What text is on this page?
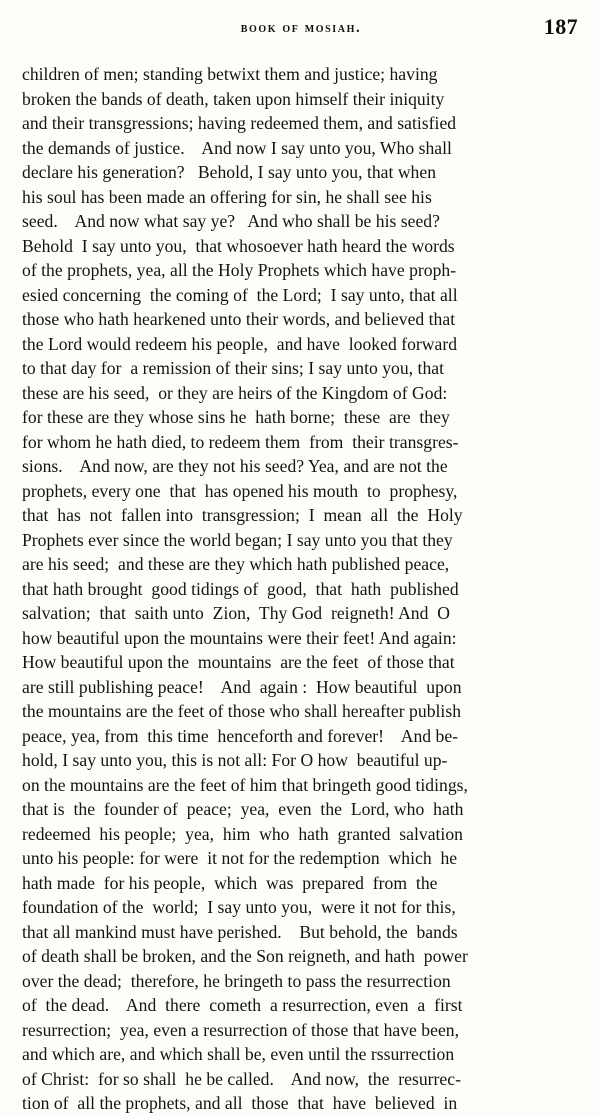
book of mosiah.	187
children of men; standing betwixt them and justice; havingbroken the bands of death, taken upon himself their iniquityand their transgressions; having redeemed them, and satisfiedthe demands of justice.    And now I say unto you, Who shalldeclare his generation?   Behold, I say unto you, that whenhis soul has been made an offering for sin, he shall see hisseed.    And now what say ye?   And who shall be his seed?Behold  I say unto you,  that whosoever hath heard the wordsof the prophets, yea, all the Holy Prophets which have proph-esied concerning  the coming of  the Lord;  I say unto, that allthose who hath hearkened unto their words, and believed thatthe Lord would redeem his people,  and have  looked forwardto that day for  a remission of their sins; I say unto you, thatthese are his seed,  or they are heirs of the Kingdom of God:for these are they whose sins he  hath borne;  these  are  theyfor whom he hath died, to redeem them  from  their transgres-sions.    And now, are they not his seed? Yea, and are not theprophets, every one  that  has opened his mouth  to  prophesy,that  has  not  fallen into  transgression;  I  mean  all  the  HolyProphets ever since the world began; I say unto you that theyare his seed;  and these are they which hath published peace,that hath brought  good tidings of  good,  that  hath  publishedsalvation;  that  saith unto  Zion,  Thy God  reigneth! And  Ohow beautiful upon the mountains were their feet! And again:How beautiful upon the  mountains  are the feet  of those thatare still publishing peace!    And  again :  How beautiful  uponthe mountains are the feet of those who shall hereafter publishpeace, yea, from  this time  henceforth and forever!    And be-hold, I say unto you, this is not all: For O how  beautiful up-on the mountains are the feet of him that bringeth good tidings,that is  the  founder of  peace;  yea,  even  the  Lord, who  hathredeemed  his people;  yea,  him  who  hath  granted  salvationunto his people: for were  it not for the redemption  which  hehath made  for his people,  which  was  prepared  from  thefoundation of the  world;  I say unto you,  were it not for this,that all mankind must have perished.    But behold, the  bandsof death shall be broken, and the Son reigneth, and hath  powerover the dead;  therefore, he bringeth to pass the resurrectionof  the dead.    And  there  cometh  a resurrection, even  a  firstresurrection;  yea, even a resurrection of those that have been,and which are, and which shall be, even until the rssurrectionof Christ:  for so shall  he be called.    And now,  the  resurrec-tion of  all the prophets, and all  those  that  have  believed  in
